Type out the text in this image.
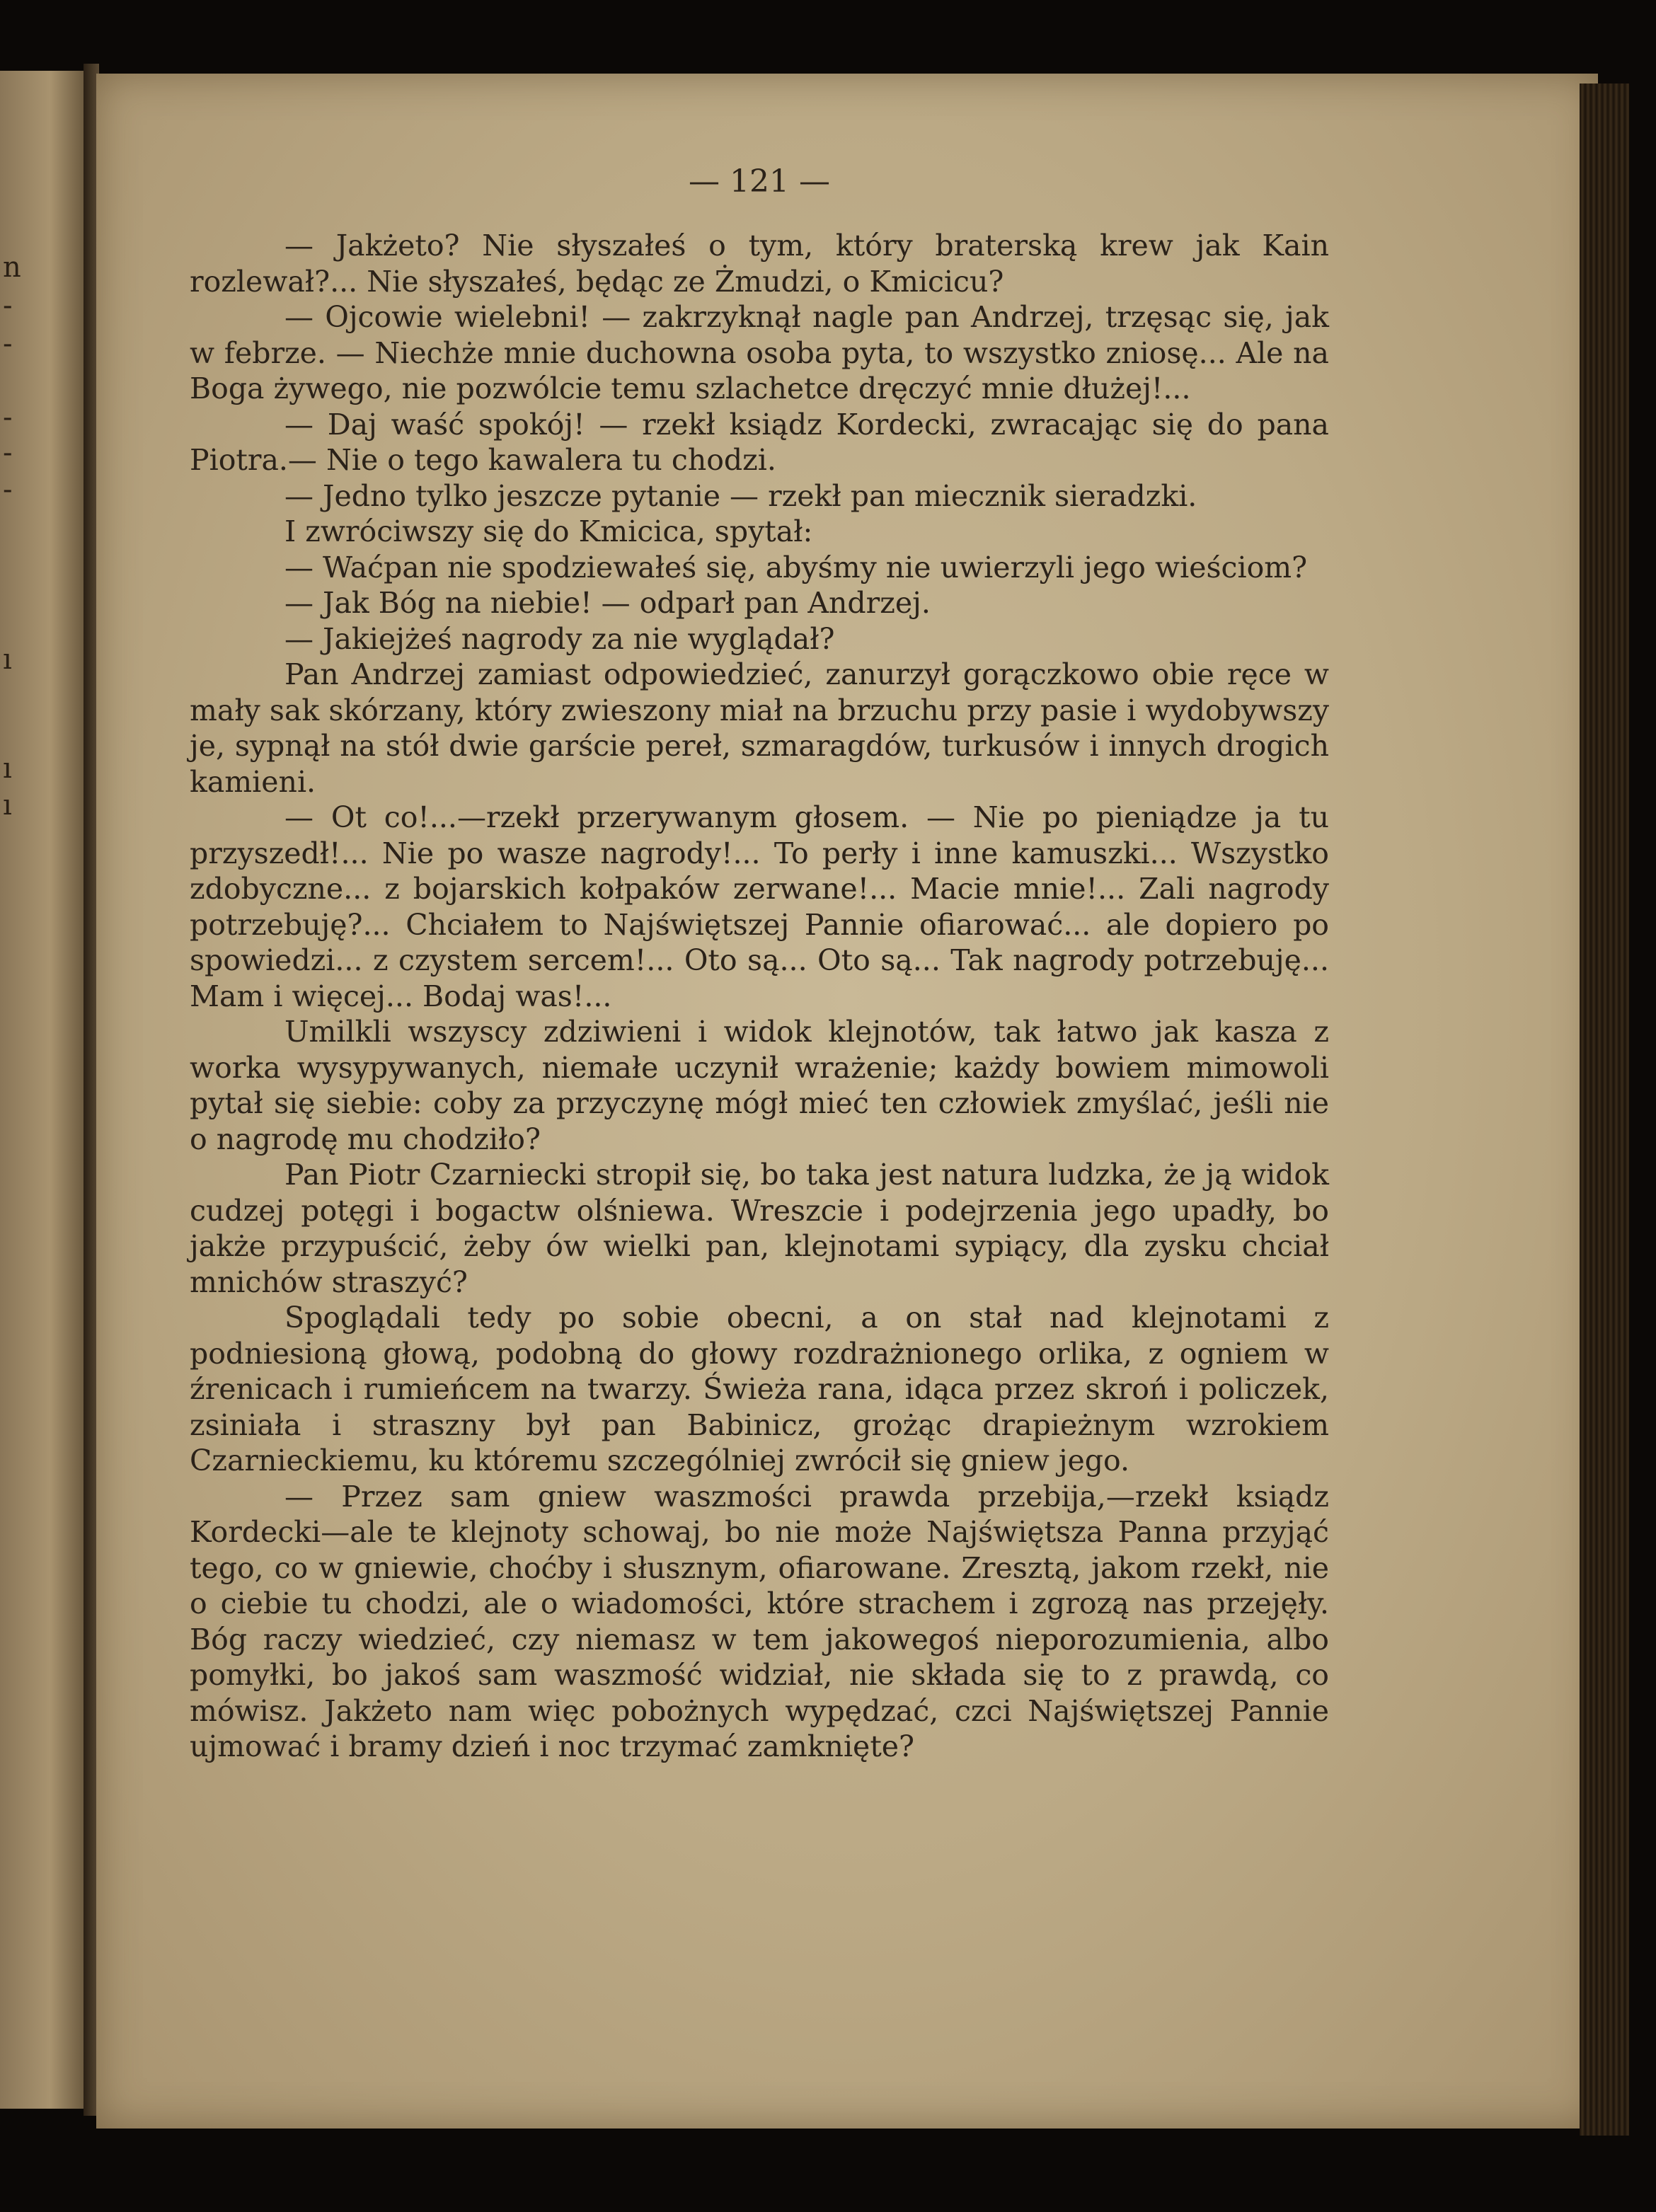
n
-
-
-
-
-
ı
ı
ı
— 121 —

— Jakżeto? Nie słyszałeś o tym, który braterską krew jak Kain rozlewał?... Nie słyszałeś, będąc ze Żmudzi, o Kmicicu?

— Ojcowie wielebni! — zakrzyknął nagle pan Andrzej, trzęsąc się, jak w febrze. — Niechże mnie duchowna osoba pyta, to wszystko zniosę... Ale na Boga żywego, nie pozwólcie temu szlachetce dręczyć mnie dłużej!...

— Daj waść spokój! — rzekł ksiądz Kordecki, zwracając się do pana Piotra.— Nie o tego kawalera tu chodzi.

— Jedno tylko jeszcze pytanie — rzekł pan miecznik sieradzki.

I zwróciwszy się do Kmicica, spytał:

— Waćpan nie spodziewałeś się, abyśmy nie uwierzyli jego wieściom?

— Jak Bóg na niebie! — odparł pan Andrzej.

— Jakiejżeś nagrody za nie wyglądał?

Pan Andrzej zamiast odpowiedzieć, zanurzył gorączkowo obie ręce w mały sak skórzany, który zwieszony miał na brzuchu przy pasie i wydobywszy je, sypnął na stół dwie garście pereł, szmaragdów, turkusów i innych drogich kamieni.

— Ot co!...—rzekł przerywanym głosem. — Nie po pieniądze ja tu przyszedł!... Nie po wasze nagrody!... To perły i inne kamuszki... Wszystko zdobyczne... z bojarskich kołpaków zerwane!... Macie mnie!... Zali nagrody potrzebuję?... Chciałem to Najświętszej Pannie ofiarować... ale dopiero po spowiedzi... z czystem sercem!... Oto są... Oto są... Tak nagrody potrzebuję... Mam i więcej... Bodaj was!...

Umilkli wszyscy zdziwieni i widok klejnotów, tak łatwo jak kasza z worka wysypywanych, niemałe uczynił wrażenie; każdy bowiem mimowoli pytał się siebie: coby za przyczynę mógł mieć ten człowiek zmyślać, jeśli nie o nagrodę mu chodziło?

Pan Piotr Czarniecki stropił się, bo taka jest natura ludzka, że ją widok cudzej potęgi i bogactw olśniewa. Wreszcie i podejrzenia jego upadły, bo jakże przypuścić, żeby ów wielki pan, klejnotami sypiący, dla zysku chciał mnichów straszyć?

Spoglądali tedy po sobie obecni, a on stał nad klejnotami z podniesioną głową, podobną do głowy rozdrażnionego orlika, z ogniem w źrenicach i rumieńcem na twarzy. Świeża rana, idąca przez skroń i policzek, zsiniała i straszny był pan Babinicz, grożąc drapieżnym wzrokiem Czarnieckiemu, ku któremu szczególniej zwrócił się gniew jego.

— Przez sam gniew waszmości prawda przebija,—rzekł ksiądz Kordecki—ale te klejnoty schowaj, bo nie może Najświętsza Panna przyjąć tego, co w gniewie, choćby i słusznym, ofiarowane. Zresztą, jakom rzekł, nie o ciebie tu chodzi, ale o wiadomości, które strachem i zgrozą nas przejęły. Bóg raczy wiedzieć, czy niemasz w tem jakowegoś nieporozumienia, albo pomyłki, bo jakoś sam waszmość widział, nie składa się to z prawdą, co mówisz. Jakżeto nam więc pobożnych wypędzać, czci Najświętszej Pannie ujmować i bramy dzień i noc trzymać zamknięte?
